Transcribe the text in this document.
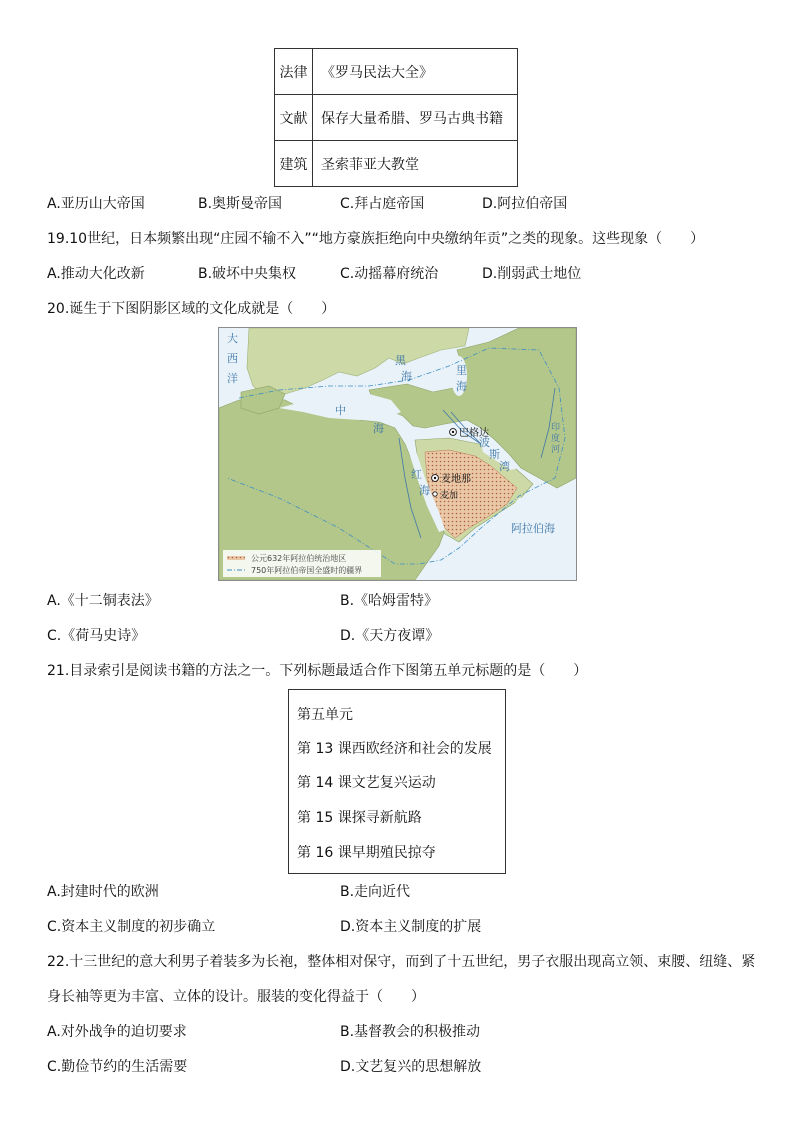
法律	《罗马民法大全》
文献	保存大量希腊、罗马古典书籍
建筑	圣索菲亚大教堂
A.亚历山大帝国	B.奥斯曼帝国	C.拜占庭帝国	D.阿拉伯帝国
19.10世纪，日本频繁出现“庄园不输不入”“地方豪族拒绝向中央缴纳年贡”之类的现象。这些现象（　　）
A.推动大化改新	B.破坏中央集权	C.动摇幕府统治	D.削弱武士地位
20.诞生于下图阴影区域的文化成就是（　　）
大
西
洋
黑
海	里
海
中
海
红
海
波
斯
湾
阿拉伯海
印
度
河
巴格达
麦地那
麦加
公元632年阿拉伯统治地区
750年阿拉伯帝国全盛时的疆界
A.《十二铜表法》	B.《哈姆雷特》
C.《荷马史诗》	D.《天方夜谭》
21.目录索引是阅读书籍的方法之一。下列标题最适合作下图第五单元标题的是（　　）
第五单元
第 13 课西欧经济和社会的发展
第 14 课文艺复兴运动
第 15 课探寻新航路
第 16 课早期殖民掠夺
A.封建时代的欧洲	B.走向近代
C.资本主义制度的初步确立	D.资本主义制度的扩展
22.十三世纪的意大利男子着装多为长袍，整体相对保守，而到了十五世纪，男子衣服出现高立领、束腰、纽缝、紧
身长袖等更为丰富、立体的设计。服装的变化得益于（　　）
A.对外战争的迫切要求	B.基督教会的积极推动
C.勤俭节约的生活需要	D.文艺复兴的思想解放
